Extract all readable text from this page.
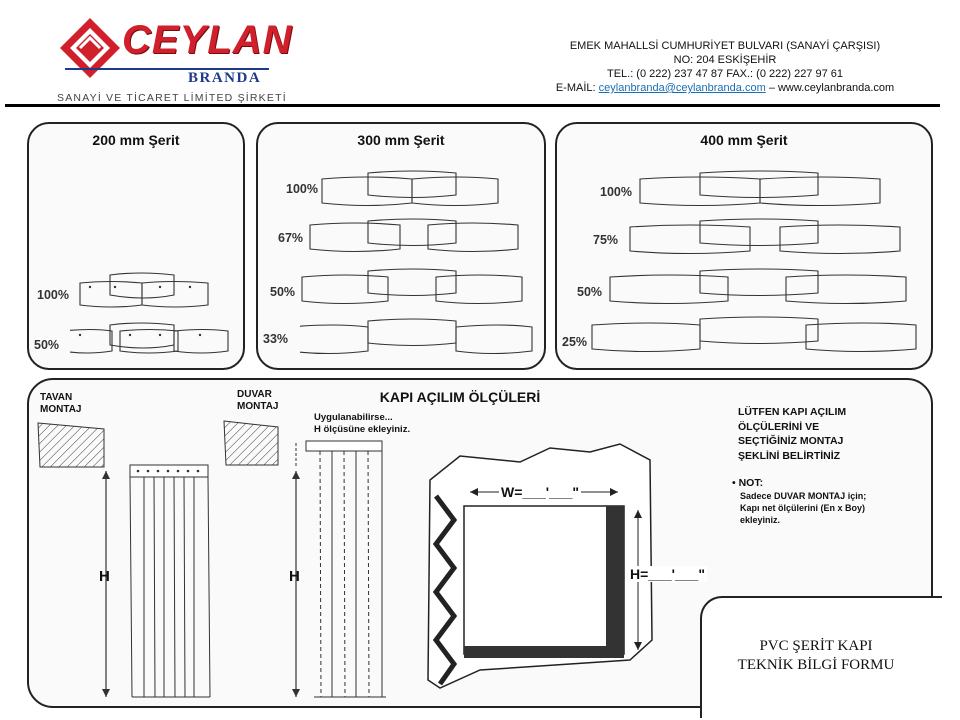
CEYLAN
BRANDA
SANAYİ VE TİCARET LİMİTED ŞİRKETİ
EMEK MAHALLSİ CUMHURİYET BULVARI (SANAYİ ÇARŞISI)
NO: 204 ESKİŞEHİR
TEL.: (0 222) 237 47 87 FAX.: (0 222) 227 97 61
E-MAİL: ceylanbranda@ceylanbranda.com – www.ceylanbranda.com
200 mm Şerit
100%
50%
300 mm Şerit
100%
67%
50%
33%
400 mm Şerit
100%
75%
50%
25%
KAPI AÇILIM ÖLÇÜLERİ
TAVAN
MONTAJ
DUVAR
MONTAJ
Uygulanabilirse...
H ölçüsüne ekleyiniz.
H	H
W=___'___"
H=___'___"
LÜTFEN KAPI AÇILIM
ÖLÇÜLERİNİ VE
SEÇTİĞİNİZ MONTAJ
ŞEKLİNİ BELİRTİNİZ
• NOT:
Sadece DUVAR MONTAJ için;
Kapı net ölçülerini (En x Boy)
ekleyiniz.
PVC ŞERİT KAPI
TEKNİK BİLGİ FORMU
